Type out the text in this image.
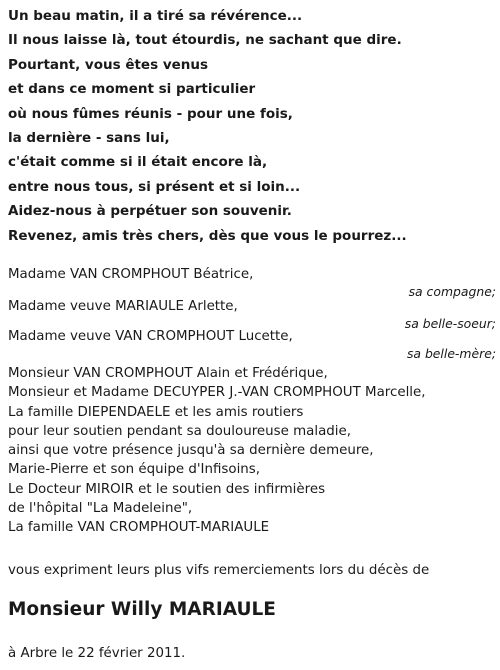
Un beau matin, il a tiré sa révérence...
Il nous laisse là, tout étourdis, ne sachant que dire.
Pourtant, vous êtes venus
et dans ce moment si particulier
où nous fûmes réunis - pour une fois,
la dernière - sans lui,
c'était comme si il était encore là,
entre nous tous, si présent et si loin...
Aidez-nous à perpétuer son souvenir.
Revenez, amis très chers, dès que vous le pourrez...
Madame VAN CROMPHOUT Béatrice,
sa compagne;
Madame veuve MARIAULE Arlette,
sa belle-soeur;
Madame veuve VAN CROMPHOUT Lucette,
sa belle-mère;
Monsieur VAN CROMPHOUT Alain et Frédérique,
Monsieur et Madame DECUYPER J.-VAN CROMPHOUT Marcelle,
La famille DIEPENDAELE et les amis routiers
pour leur soutien pendant sa douloureuse maladie,
ainsi que votre présence jusqu'à sa dernière demeure,
Marie-Pierre et son équipe d'Infisoins,
Le Docteur MIROIR et le soutien des infirmières
de l'hôpital "La Madeleine",
La famille VAN CROMPHOUT-MARIAULE
vous expriment leurs plus vifs remerciements lors du décès de
Monsieur Willy MARIAULE
à Arbre le 22 février 2011.
